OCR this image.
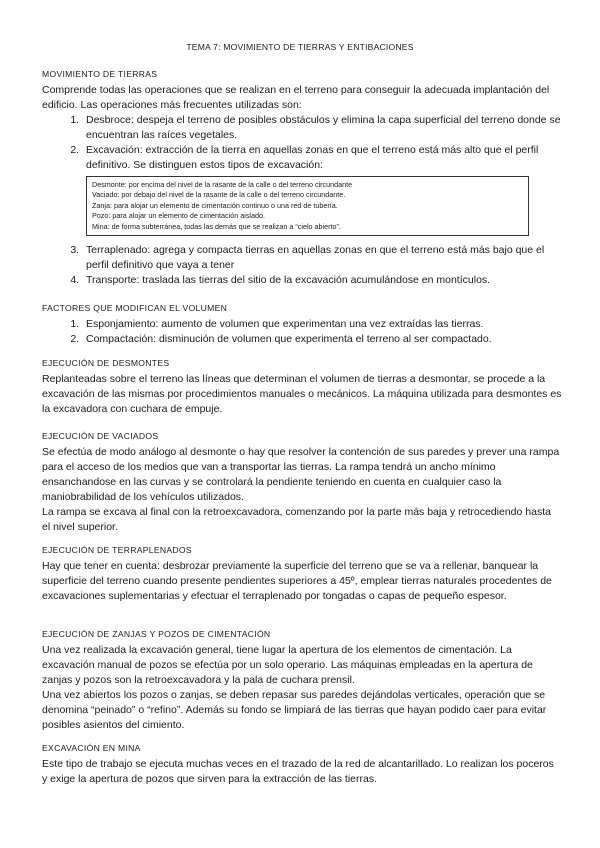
TEMA 7: MOVIMIENTO DE TIERRAS Y ENTIBACIONES
MOVIMIENTO DE TIERRAS

Comprende todas las operaciones que se realizan en el terreno para conseguir la adecuada implantación del edificio. Las operaciones más frecuentes utilizadas son:

1. Desbroce: despeja el terreno de posibles obstáculos y elimina la capa superficial del terreno donde se encuentran las raíces vegetales.
2. Excavación: extracción de la tierra en aquellas zonas en que el terreno está más alto que el perfil definitivo. Se distinguen estos tipos de excavación:
Desmonte: por encima del nivel de la rasante de la calle o del terreno circundante
Vaciado: por debajo del nivel de la rasante de la calle o del terreno circundante.
Zanja: para alojar un elemento de cimentación continuo o una red de tubería.
Pozo: para alojar un elemento de cimentación aislado.
Mina: de forma subterránea, todas las demás que se realizan a “cielo abierto”.
3. Terraplenado: agrega y compacta tierras en aquellas zonas en que el terreno está más bajo que el perfil definitivo que vaya a tener
4. Transporte: traslada las tierras del sitio de la excavación acumulándose en montículos.
FACTORES QUE MODIFICAN EL VOLUMEN
1. Esponjamiento: aumento de volumen que experimentan una vez extraídas las tierras.
2. Compactación: disminución de volumen que experimenta el terreno al ser compactado.
EJECUCIÓN DE DESMONTES

Replanteadas sobre el terreno las líneas que determinan el volumen de tierras a desmontar, se procede a la excavación de las mismas por procedimientos manuales o mecánicos. La máquina utilizada para desmontes es la excavadora con cuchara de empuje.

EJECUCIÓN DE VACIADOS

Se efectúa de modo análogo al desmonte o hay que resolver la contención de sus paredes y prever una rampa para el acceso de los medios que van a transportar las tierras. La rampa tendrá un ancho mínimo ensanchandose en las curvas y se controlará la pendiente teniendo en cuenta en cualquier caso la maniobrabilidad de los vehículos utilizados.

La rampa se excava al final con la retroexcavadora, comenzando por la parte más baja y retrocediendo hasta el nivel superior.

EJECUCIÓN DE TERRAPLENADOS

Hay que tener en cuenta: desbrozar previamente la superficie del terreno que se va a rellenar, banquear la superficie del terreno cuando presente pendientes superiores a 45º, emplear tierras naturales procedentes de excavaciones suplementarias y efectuar el terraplenado por tongadas o capas de pequeño espesor.

EJECUCIÓN DE ZANJAS Y POZOS DE CIMENTACIÓN

Una vez realizada la excavación general, tiene lugar la apertura de los elementos de cimentación. La excavación manual de pozos se efectúa por un solo operario. Las máquinas empleadas en la apertura de zanjas y pozos son la retroexcavadora y la pala de cuchara prensil.

Una vez abiertos los pozos o zanjas, se deben repasar sus paredes dejándolas verticales, operación que se denomina “peinado” o “refino”. Además su fondo se limpiará de las tierras que hayan podido caer para evitar posibles asientos del cimiento.

EXCAVACIÓN EN MINA

Este tipo de trabajo se ejecuta muchas veces en el trazado de la red de alcantarillado. Lo realizan los poceros y exige la apertura de pozos que sirven para la extracción de las tierras.
